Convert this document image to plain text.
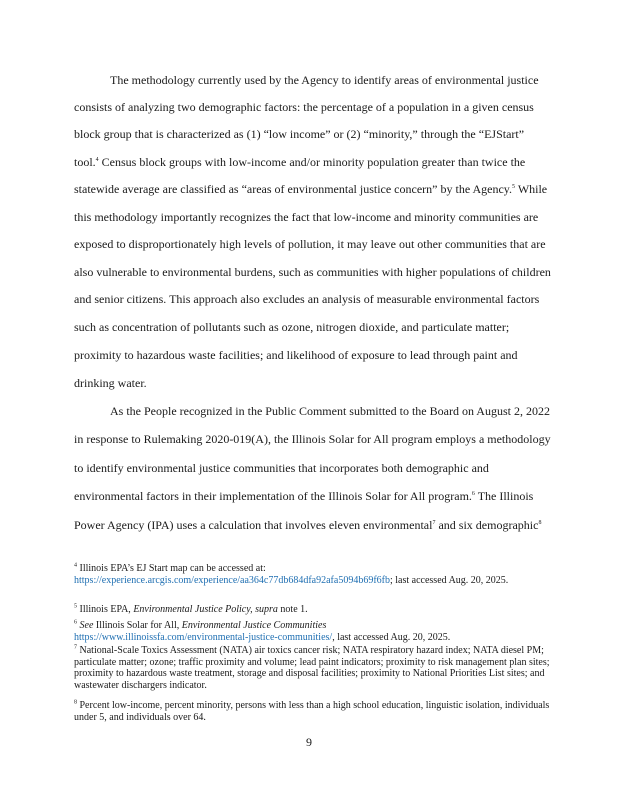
The methodology currently used by the Agency to identify areas of environmental justice
consists of analyzing two demographic factors: the percentage of a population in a given census
block group that is characterized as (1) “low income” or (2) “minority,” through the “EJStart”
tool.$^4$ Census block groups with low-income and/or minority population greater than twice the
statewide average are classified as “areas of environmental justice concern” by the Agency.$^5$ While
this methodology importantly recognizes the fact that low-income and minority communities are
exposed to disproportionately high levels of pollution, it may leave out other communities that are
also vulnerable to environmental burdens, such as communities with higher populations of children
and senior citizens. This approach also excludes an analysis of measurable environmental factors
such as concentration of pollutants such as ozone, nitrogen dioxide, and particulate matter;
proximity to hazardous waste facilities; and likelihood of exposure to lead through paint and
drinking water.
As the People recognized in the Public Comment submitted to the Board on August 2, 2022
in response to Rulemaking 2020-019(A), the Illinois Solar for All program employs a methodology
to identify environmental justice communities that incorporates both demographic and
environmental factors in their implementation of the Illinois Solar for All program.$^6$ The Illinois
Power Agency (IPA) uses a calculation that involves eleven environmental$^7$ and six demographic$^8$
$^4$ Illinois EPA’s EJ Start map can be accessed at:
https://experience.arcgis.com/experience/aa364c77db684dfa92afa5094b69f6fb; last accessed Aug. 20, 2025.
$^5$ Illinois EPA, Environmental Justice Policy, supra note 1.
$^6$ See Illinois Solar for All, Environmental Justice Communities
https://www.illinoissfa.com/environmental-justice-communities/, last accessed Aug. 20, 2025.
$^7$ National-Scale Toxics Assessment (NATA) air toxics cancer risk; NATA respiratory hazard index; NATA diesel PM; particulate matter; ozone; traffic proximity and volume; lead paint indicators; proximity to risk management plan sites; proximity to hazardous waste treatment, storage and disposal facilities; proximity to National Priorities List sites; and wastewater dischargers indicator.
$^8$ Percent low-income, percent minority, persons with less than a high school education, linguistic isolation, individuals under 5, and individuals over 64.
9
